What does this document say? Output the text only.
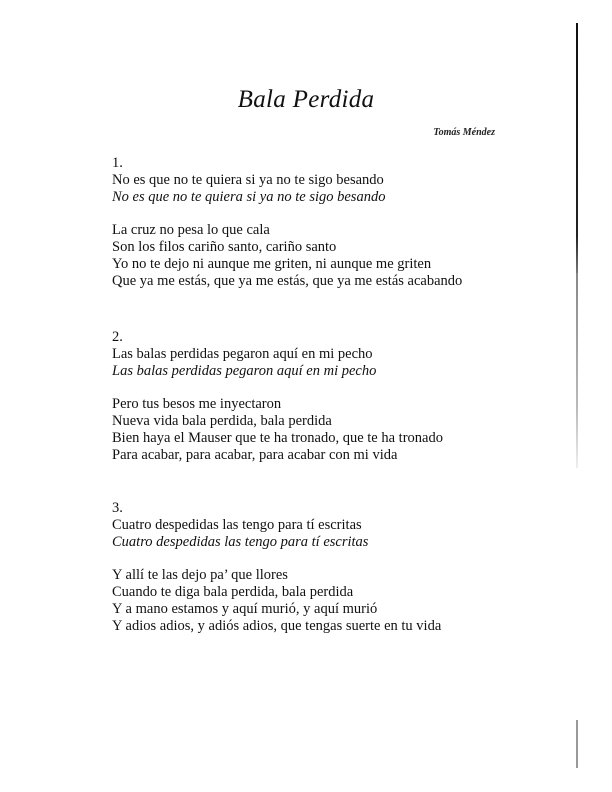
Bala Perdida
Tomás Méndez
1.
No es que no te quiera si ya no te sigo besando
No es que no te quiera si ya no te sigo besando
La cruz no pesa lo que cala
Son los filos cariño santo, cariño santo
Yo no te dejo ni aunque me griten, ni aunque me griten
Que ya me estás, que ya me estás, que ya me estás acabando
2.
Las balas perdidas pegaron aquí en mi pecho
Las balas perdidas pegaron aquí en mi pecho
Pero tus besos me inyectaron
Nueva vida bala perdida, bala perdida
Bien haya el Mauser que te ha tronado, que te ha tronado
Para acabar, para acabar, para acabar con mi vida
3.
Cuatro despedidas las tengo para tí escritas
Cuatro despedidas las tengo para tí escritas
Y allí te las dejo pa’ que llores
Cuando te diga bala perdida, bala perdida
Y a mano estamos y aquí murió, y aquí murió
Y adios adios, y adiós adios, que tengas suerte en tu vida
